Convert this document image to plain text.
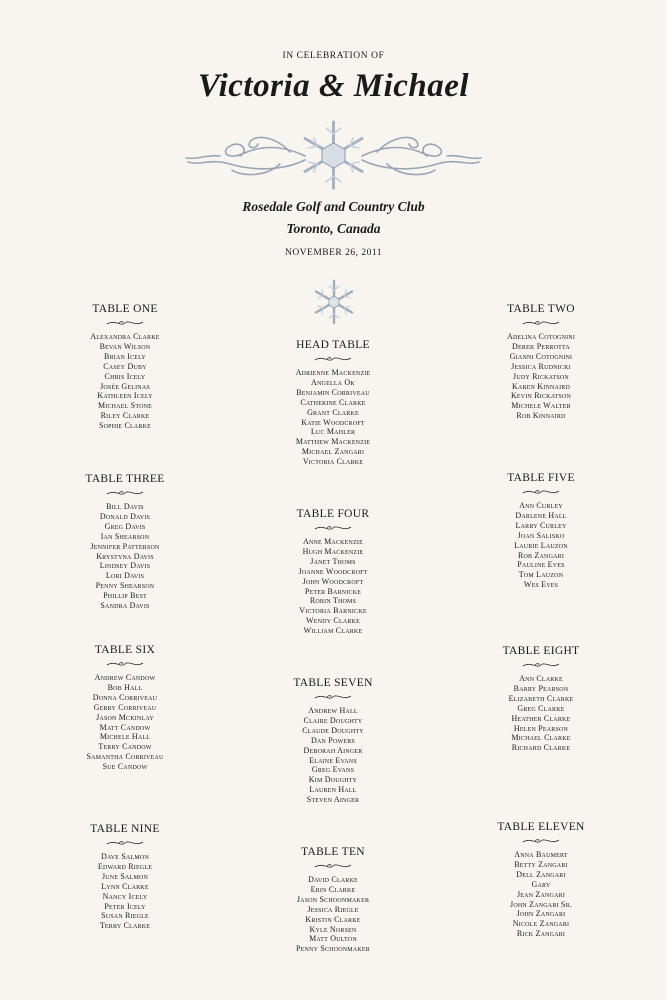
IN CELEBRATION OF
Victoria & Michael
Rosedale Golf and Country Club
Toronto, Canada
NOVEMBER 26, 2011
TABLE ONE
Alexandra Clarke
Bevan Wilson
Brian Icely
Casey Duby
Chris Icely
Josée Gelinas
Kathleen Icely
Michael Stone
Riley Clarke
Sophie Clarke
HEAD TABLE
Adrienne Mackenzie
Angella Ok
Benjamin Corriveau
Catherine Clarke
Grant Clarke
Katie Woodcroft
Luc Mahler
Matthew Mackenzie
Michael Zangari
Victoria Clarke
TABLE TWO
Adelina Cotognini
Derek Perrotta
Gianni Cotognini
Jessica Rudnicki
Judy Rickatson
Karen Kinnaird
Kevin Rickatson
Michele Walter
Rob Kinnaird
TABLE THREE
Bill Davis
Donald Davis
Greg Davis
Ian Shearson
Jennifer Patterson
Krystyna Davis
Lindsey Davis
Lori Davis
Penny Shearson
Phillip Best
Sandra Davis
TABLE FOUR
Anne Mackenzie
Hugh Mackenzie
Janet Thoms
Joanne Woodcroft
John Woodcroft
Peter Barnicke
Robin Thoms
Victoria Barnicke
Wendy Clarke
William Clarke
TABLE FIVE
Ann Curley
Darlene Hall
Larry Curley
Joan Salisko
Laurie Lauzon
Rob Zangari
Pauline Eves
Tom Lauzon
Wes Eves
TABLE SIX
Andrew Candow
Bob Hall
Donna Corriveau
Gerry Corriveau
Jason Mckinlay
Matt Candow
Michele Hall
Terry Candow
Samantha Corriveau
Sue Candow
TABLE SEVEN
Andrew Hall
Claire Doughty
Claude Doughty
Dan Powers
Deborah Ainger
Elaine Evans
Greg Evans
Kim Doughty
Lauren Hall
Steven Ainger
TABLE EIGHT
Ann Clarke
Barry Pearson
Elizabeth Clarke
Greg Clarke
Heather Clarke
Helen Pearson
Michael Clarke
Richard Clarke
TABLE NINE
Dave Salmon
Edward Riegle
June Salmon
Lynn Clarke
Nancy Icely
Peter Icely
Susan Riegle
Terry Clarke
TABLE TEN
David Clarke
Erin Clarke
Jason Schoonmaker
Jessica Riegle
Kristin Clarke
Kyle Norsen
Matt Oulton
Penny Schoonmaker
TABLE ELEVEN
Anna Baumert
Betty Zangari
Dell Zangari
Gary
Jean Zangari
John Zangari Sr.
John Zangari
Nicole Zangari
Rick Zangari
